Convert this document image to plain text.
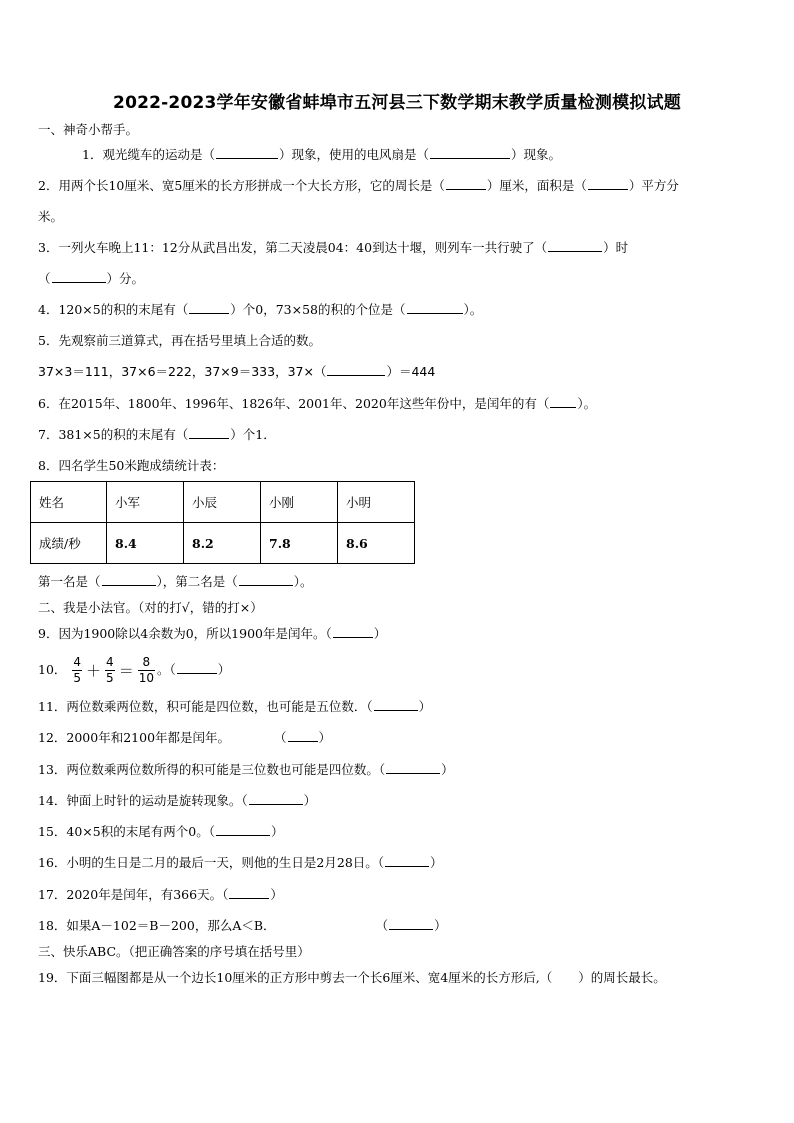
2022-2023学年安徽省蚌埠市五河县三下数学期末教学质量检测模拟试题
一、神奇小帮手。
1．观光缆车的运动是（	）现象，使用的电风扇是（	）现象。
2．用两个长10厘米、宽5厘米的长方形拼成一个大长方形，它的周长是（	）厘米，面积是（	）平方分
米。
3．一列火车晚上11：12分从武昌出发，第二天凌晨04：40到达十堰，则列车一共行驶了（	）时
（	）分。
4．120×5的积的末尾有（	）个0，73×58的积的个位是（	）。
5．先观察前三道算式，再在括号里填上合适的数。
37×3＝111，37×6＝222，37×9＝333，37×（	）＝444
6．在2015年、1800年、1996年、1826年、2001年、2020年这些年份中，是闰年的有（ ）。
7．381×5的积的末尾有（	）个1．
8．四名学生50米跑成绩统计表：
姓名	小军	小辰	小刚	小明
成绩/秒	8.4	8.2	7.8	8.6
第一名是（	），第二名是（	）。
二、我是小法官。（对的打√，错的打×）
9．因为1900除以4余数为0，所以1900年是闰年。（	）
10． $\frac{4}{5} + \frac{4}{5} = \frac{8}{10}$ 。（	）
11．两位数乘两位数，积可能是四位数，也可能是五位数．（	）
12．2000年和2100年都是闰年。	（	）
13．两位数乘两位数所得的积可能是三位数也可能是四位数。（	）
14．钟面上时针的运动是旋转现象。（	）
15．40×5积的末尾有两个0。（	）
16．小明的生日是二月的最后一天，则他的生日是2月28日。（	）
17．2020年是闰年，有366天。（	）
18．如果A－102＝B－200，那么A＜B．	（	）
三、快乐ABC。（把正确答案的序号填在括号里）
19．下面三幅图都是从一个边长10厘米的正方形中剪去一个长6厘米、宽4厘米的长方形后,（ ）的周长最长。
